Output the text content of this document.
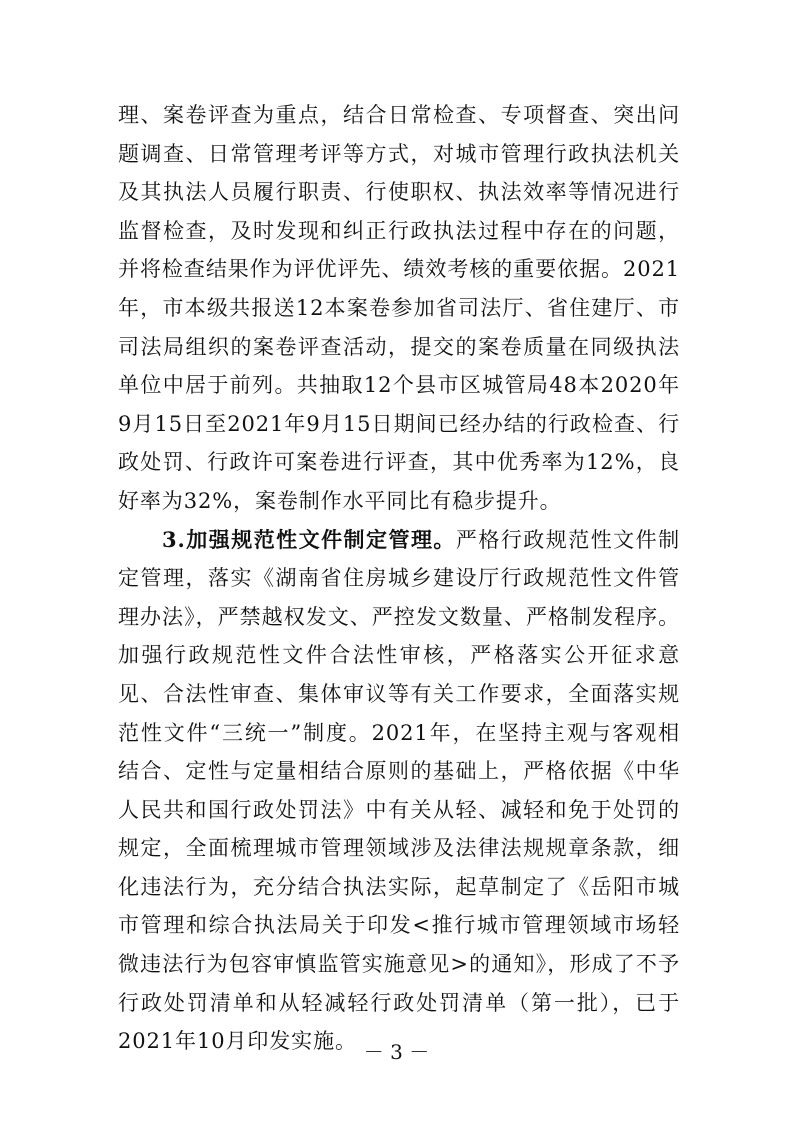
理、案卷评查为重点，结合日常检查、专项督查、突出问题调查、日常管理考评等方式，对城市管理行政执法机关及其执法人员履行职责、行使职权、执法效率等情况进行监督检查，及时发现和纠正行政执法过程中存在的问题，并将检查结果作为评优评先、绩效考核的重要依据。2021年，市本级共报送12本案卷参加省司法厅、省住建厅、市司法局组织的案卷评查活动，提交的案卷质量在同级执法单位中居于前列。共抽取12个县市区城管局48本2020年9月15日至2021年9月15日期间已经办结的行政检查、行政处罚、行政许可案卷进行评查，其中优秀率为12%，良好率为32%，案卷制作水平同比有稳步提升。

3.加强规范性文件制定管理。严格行政规范性文件制定管理，落实《湖南省住房城乡建设厅行政规范性文件管理办法》，严禁越权发文、严控发文数量、严格制发程序。加强行政规范性文件合法性审核，严格落实公开征求意见、合法性审查、集体审议等有关工作要求，全面落实规范性文件“三统一”制度。2021年，在坚持主观与客观相结合、定性与定量相结合原则的基础上，严格依据《中华人民共和国行政处罚法》中有关从轻、减轻和免于处罚的规定，全面梳理城市管理领域涉及法律法规规章条款，细化违法行为，充分结合执法实际，起草制定了《岳阳市城市管理和综合执法局关于印发<推行城市管理领域市场轻微违法行为包容审慎监管实施意见>的通知》，形成了不予行政处罚清单和从轻减轻行政处罚清单（第一批），已于2021年10月印发实施。 － 3 －
